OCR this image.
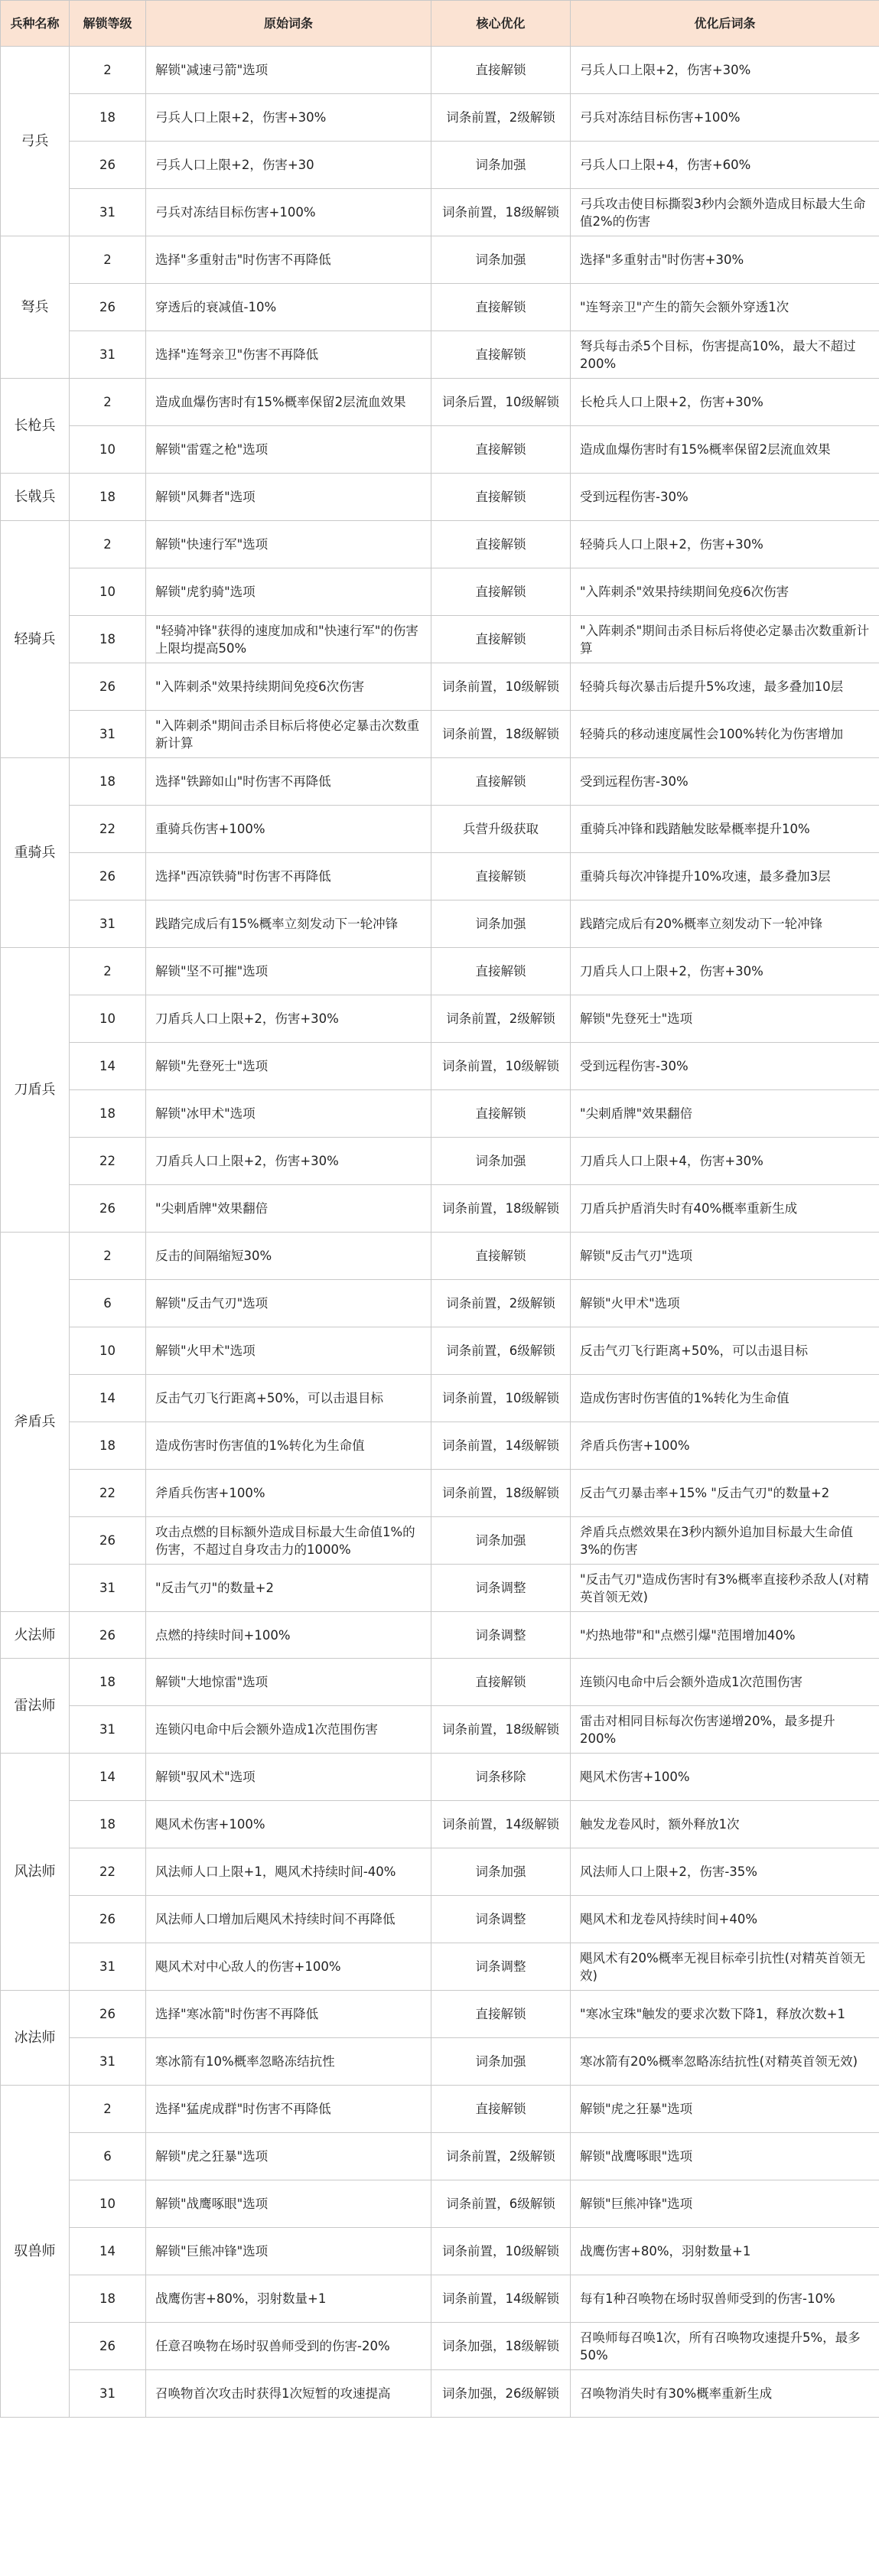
兵种名称	解锁等级	原始词条	核心优化	优化后词条
弓兵	2	解锁"减速弓箭"选项	直接解锁	弓兵人口上限+2，伤害+30%
	18	弓兵人口上限+2，伤害+30%	词条前置，2级解锁	弓兵对冻结目标伤害+100%
	26	弓兵人口上限+2，伤害+30	词条加强	弓兵人口上限+4，伤害+60%
	31	弓兵对冻结目标伤害+100%	词条前置，18级解锁	弓兵攻击使目标撕裂3秒内会额外造成目标最大生命值2%的伤害
弩兵	2	选择"多重射击"时伤害不再降低	词条加强	选择"多重射击"时伤害+30%
	26	穿透后的衰减值-10%	直接解锁	"连弩亲卫"产生的箭矢会额外穿透1次
	31	选择"连弩亲卫"伤害不再降低	直接解锁	弩兵每击杀5个目标，伤害提高10%，最大不超过200%
长枪兵	2	造成血爆伤害时有15%概率保留2层流血效果	词条后置，10级解锁	长枪兵人口上限+2，伤害+30%
	10	解锁"雷霆之枪"选项	直接解锁	造成血爆伤害时有15%概率保留2层流血效果
长戟兵	18	解锁"风舞者"选项	直接解锁	受到远程伤害-30%
轻骑兵	2	解锁"快速行军"选项	直接解锁	轻骑兵人口上限+2，伤害+30%
	10	解锁"虎豹骑"选项	直接解锁	"入阵刺杀"效果持续期间免疫6次伤害
	18	"轻骑冲锋"获得的速度加成和"快速行军"的伤害上限均提高50%	直接解锁	"入阵刺杀"期间击杀目标后将使必定暴击次数重新计算
	26	"入阵刺杀"效果持续期间免疫6次伤害	词条前置，10级解锁	轻骑兵每次暴击后提升5%攻速，最多叠加10层
	31	"入阵刺杀"期间击杀目标后将使必定暴击次数重新计算	词条前置，18级解锁	轻骑兵的移动速度属性会100%转化为伤害增加
重骑兵	18	选择"铁蹄如山"时伤害不再降低	直接解锁	受到远程伤害-30%
	22	重骑兵伤害+100%	兵营升级获取	重骑兵冲锋和践踏触发眩晕概率提升10%
	26	选择"西凉铁骑"时伤害不再降低	直接解锁	重骑兵每次冲锋提升10%攻速，最多叠加3层
	31	践踏完成后有15%概率立刻发动下一轮冲锋	词条加强	践踏完成后有20%概率立刻发动下一轮冲锋
刀盾兵	2	解锁"坚不可摧"选项	直接解锁	刀盾兵人口上限+2，伤害+30%
	10	刀盾兵人口上限+2，伤害+30%	词条前置，2级解锁	解锁"先登死士"选项
	14	解锁"先登死士"选项	词条前置，10级解锁	受到远程伤害-30%
	18	解锁"冰甲术"选项	直接解锁	"尖刺盾牌"效果翻倍
	22	刀盾兵人口上限+2，伤害+30%	词条加强	刀盾兵人口上限+4，伤害+30%
	26	"尖刺盾牌"效果翻倍	词条前置，18级解锁	刀盾兵护盾消失时有40%概率重新生成
斧盾兵	2	反击的间隔缩短30%	直接解锁	解锁"反击气刃"选项
	6	解锁"反击气刃"选项	词条前置，2级解锁	解锁"火甲术"选项
	10	解锁"火甲术"选项	词条前置，6级解锁	反击气刃飞行距离+50%，可以击退目标
	14	反击气刃飞行距离+50%，可以击退目标	词条前置，10级解锁	造成伤害时伤害值的1%转化为生命值
	18	造成伤害时伤害值的1%转化为生命值	词条前置，14级解锁	斧盾兵伤害+100%
	22	斧盾兵伤害+100%	词条前置，18级解锁	反击气刃暴击率+15% "反击气刃"的数量+2
	26	攻击点燃的目标额外造成目标最大生命值1%的伤害，不超过自身攻击力的1000%	词条加强	斧盾兵点燃效果在3秒内额外追加目标最大生命值3%的伤害
	31	"反击气刃"的数量+2	词条调整	"反击气刃"造成伤害时有3%概率直接秒杀敌人(对精英首领无效)
火法师	26	点燃的持续时间+100%	词条调整	"灼热地带"和"点燃引爆"范围增加40%
雷法师	18	解锁"大地惊雷"选项	直接解锁	连锁闪电命中后会额外造成1次范围伤害
	31	连锁闪电命中后会额外造成1次范围伤害	词条前置，18级解锁	雷击对相同目标每次伤害递增20%，最多提升200%
风法师	14	解锁"驭风术"选项	词条移除	飓风术伤害+100%
	18	飓风术伤害+100%	词条前置，14级解锁	触发龙卷风时，额外释放1次
	22	风法师人口上限+1，飓风术持续时间-40%	词条加强	风法师人口上限+2，伤害-35%
	26	风法师人口增加后飓风术持续时间不再降低	词条调整	飓风术和龙卷风持续时间+40%
	31	飓风术对中心敌人的伤害+100%	词条调整	飓风术有20%概率无视目标牵引抗性(对精英首领无效)
冰法师	26	选择"寒冰箭"时伤害不再降低	直接解锁	"寒冰宝珠"触发的要求次数下降1，释放次数+1
	31	寒冰箭有10%概率忽略冻结抗性	词条加强	寒冰箭有20%概率忽略冻结抗性(对精英首领无效)
驭兽师	2	选择"猛虎成群"时伤害不再降低	直接解锁	解锁"虎之狂暴"选项
	6	解锁"虎之狂暴"选项	词条前置，2级解锁	解锁"战鹰啄眼"选项
	10	解锁"战鹰啄眼"选项	词条前置，6级解锁	解锁"巨熊冲锋"选项
	14	解锁"巨熊冲锋"选项	词条前置，10级解锁	战鹰伤害+80%，羽射数量+1
	18	战鹰伤害+80%，羽射数量+1	词条前置，14级解锁	每有1种召唤物在场时驭兽师受到的伤害-10%
	26	任意召唤物在场时驭兽师受到的伤害-20%	词条加强，18级解锁	召唤师每召唤1次，所有召唤物攻速提升5%，最多50%
	31	召唤物首次攻击时获得1次短暂的攻速提高	词条加强，26级解锁	召唤物消失时有30%概率重新生成
